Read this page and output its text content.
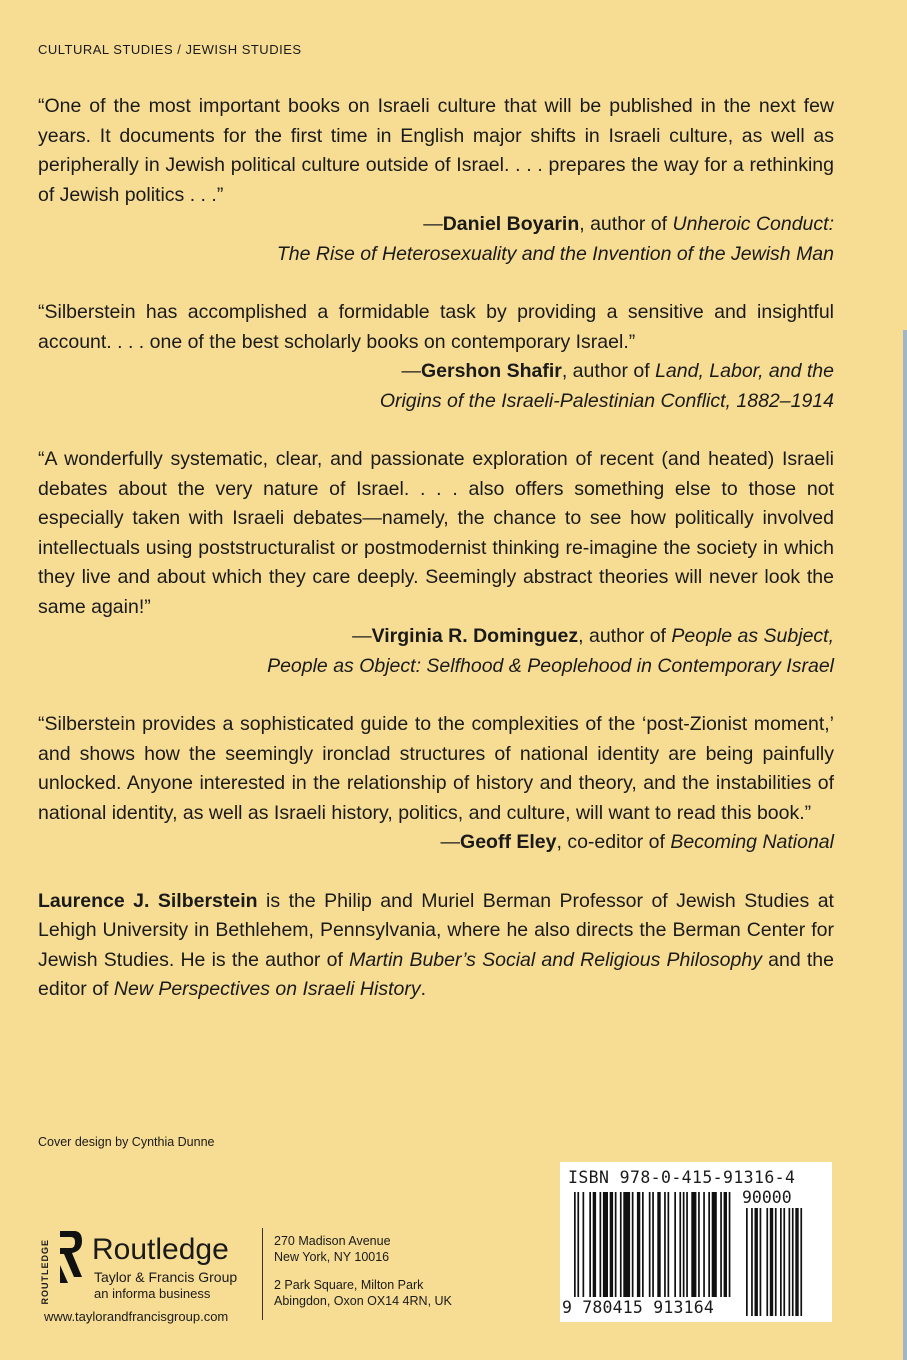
CULTURAL STUDIES / JEWISH STUDIES

“One of the most important books on Israeli culture that will be published in the next few years. It documents for the first time in English major shifts in Israeli culture, as well as peripherally in Jewish political culture outside of Israel. . . . prepares the way for a rethinking of Jewish politics . . .”

—Daniel Boyarin, author of Unheroic Conduct:
The Rise of Heterosexuality and the Invention of the Jewish Man

“Silberstein has accomplished a formidable task by providing a sensitive and insightful account. . . . one of the best scholarly books on contemporary Israel.”

—Gershon Shafir, author of Land, Labor, and the
Origins of the Israeli-Palestinian Conflict, 1882–1914

“A wonderfully systematic, clear, and passionate exploration of recent (and heated) Israeli debates about the very nature of Israel. . . . also offers something else to those not especially taken with Israeli debates—namely, the chance to see how politically involved intellectuals using poststructuralist or postmodernist thinking re-imagine the society in which they live and about which they care deeply. Seemingly abstract theories will never look the same again!”

—Virginia R. Dominguez, author of People as Subject,
People as Object: Selfhood & Peoplehood in Contemporary Israel

“Silberstein provides a sophisticated guide to the complexities of the ‘post-Zionist moment,’ and shows how the seemingly ironclad structures of national identity are being painfully unlocked. Anyone interested in the relationship of history and theory, and the instabilities of national identity, as well as Israeli history, politics, and culture, will want to read this book.”

—Geoff Eley, co-editor of Becoming National

Laurence J. Silberstein is the Philip and Muriel Berman Professor of Jewish Studies at Lehigh University in Bethlehem, Pennsylvania, where he also directs the Berman Center for Jewish Studies. He is the author of Martin Buber’s Social and Religious Philosophy and the editor of New Perspectives on Israeli History.

Cover design by Cynthia Dunne
ROUTLEDGE Routledge
Taylor & Francis Group
an informa business
www.taylorandfrancisgroup.com

270 Madison Avenue

New York, NY 10016

2 Park Square, Milton Park

Abingdon, Oxon OX14 4RN, UK

ISBN 978-0-415-91316-4
90000
9 780415 913164
